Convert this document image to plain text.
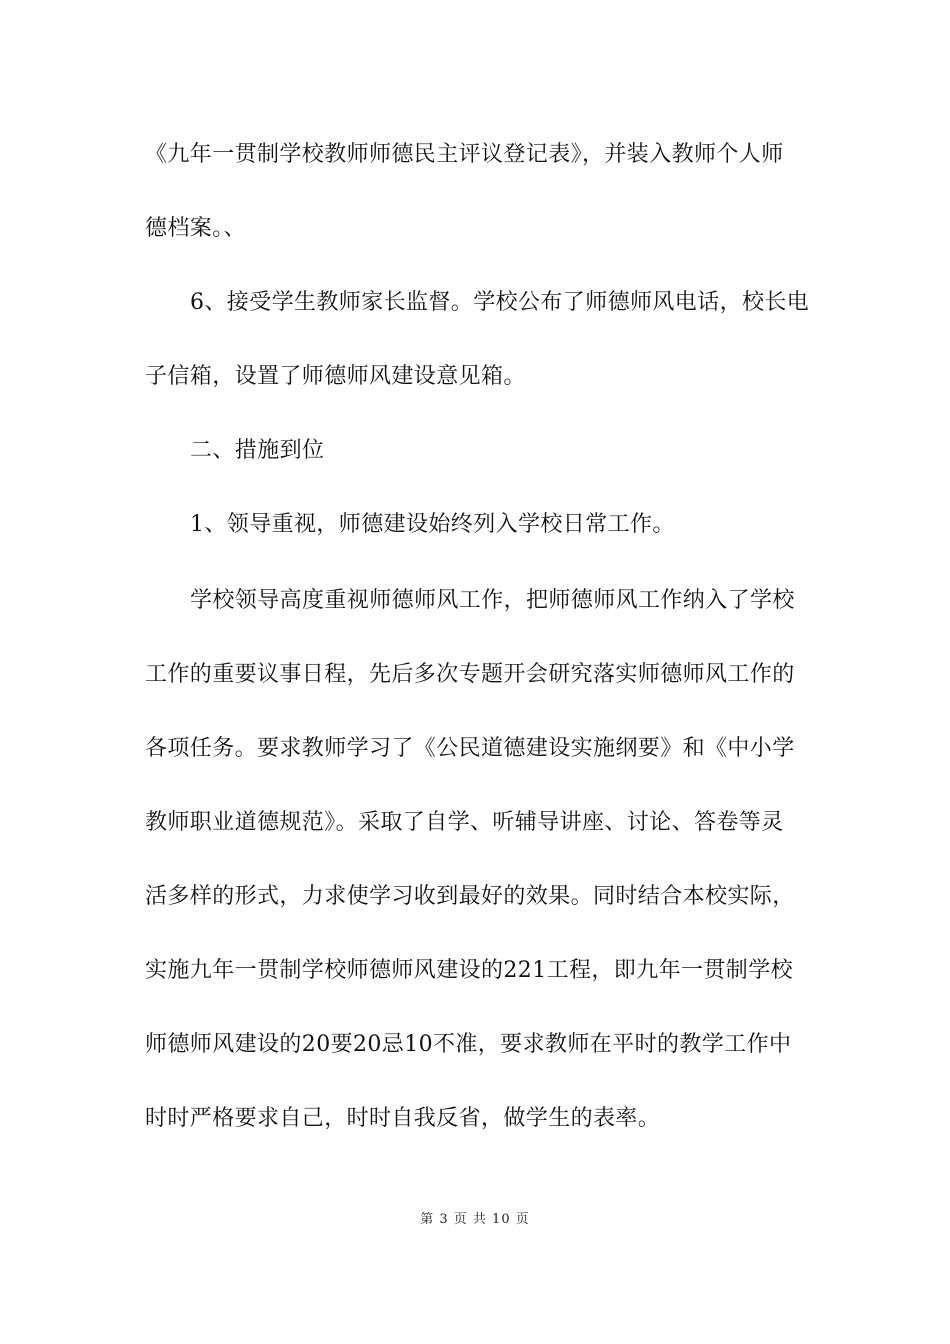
《九年一贯制学校教师师德民主评议登记表》，并装入教师个人师
德档案。、
6、接受学生教师家长监督。学校公布了师德师风电话，校长电
子信箱，设置了师德师风建设意见箱。
二、措施到位
1、领导重视，师德建设始终列入学校日常工作。
学校领导高度重视师德师风工作，把师德师风工作纳入了学校
工作的重要议事日程，先后多次专题开会研究落实师德师风工作的
各项任务。要求教师学习了《公民道德建设实施纲要》和《中小学
教师职业道德规范》。采取了自学、听辅导讲座、讨论、答卷等灵
活多样的形式，力求使学习收到最好的效果。同时结合本校实际，
实施九年一贯制学校师德师风建设的221工程，即九年一贯制学校
师德师风建设的20要20忌10不准，要求教师在平时的教学工作中
时时严格要求自己，时时自我反省，做学生的表率。
第 3 页 共 10 页
